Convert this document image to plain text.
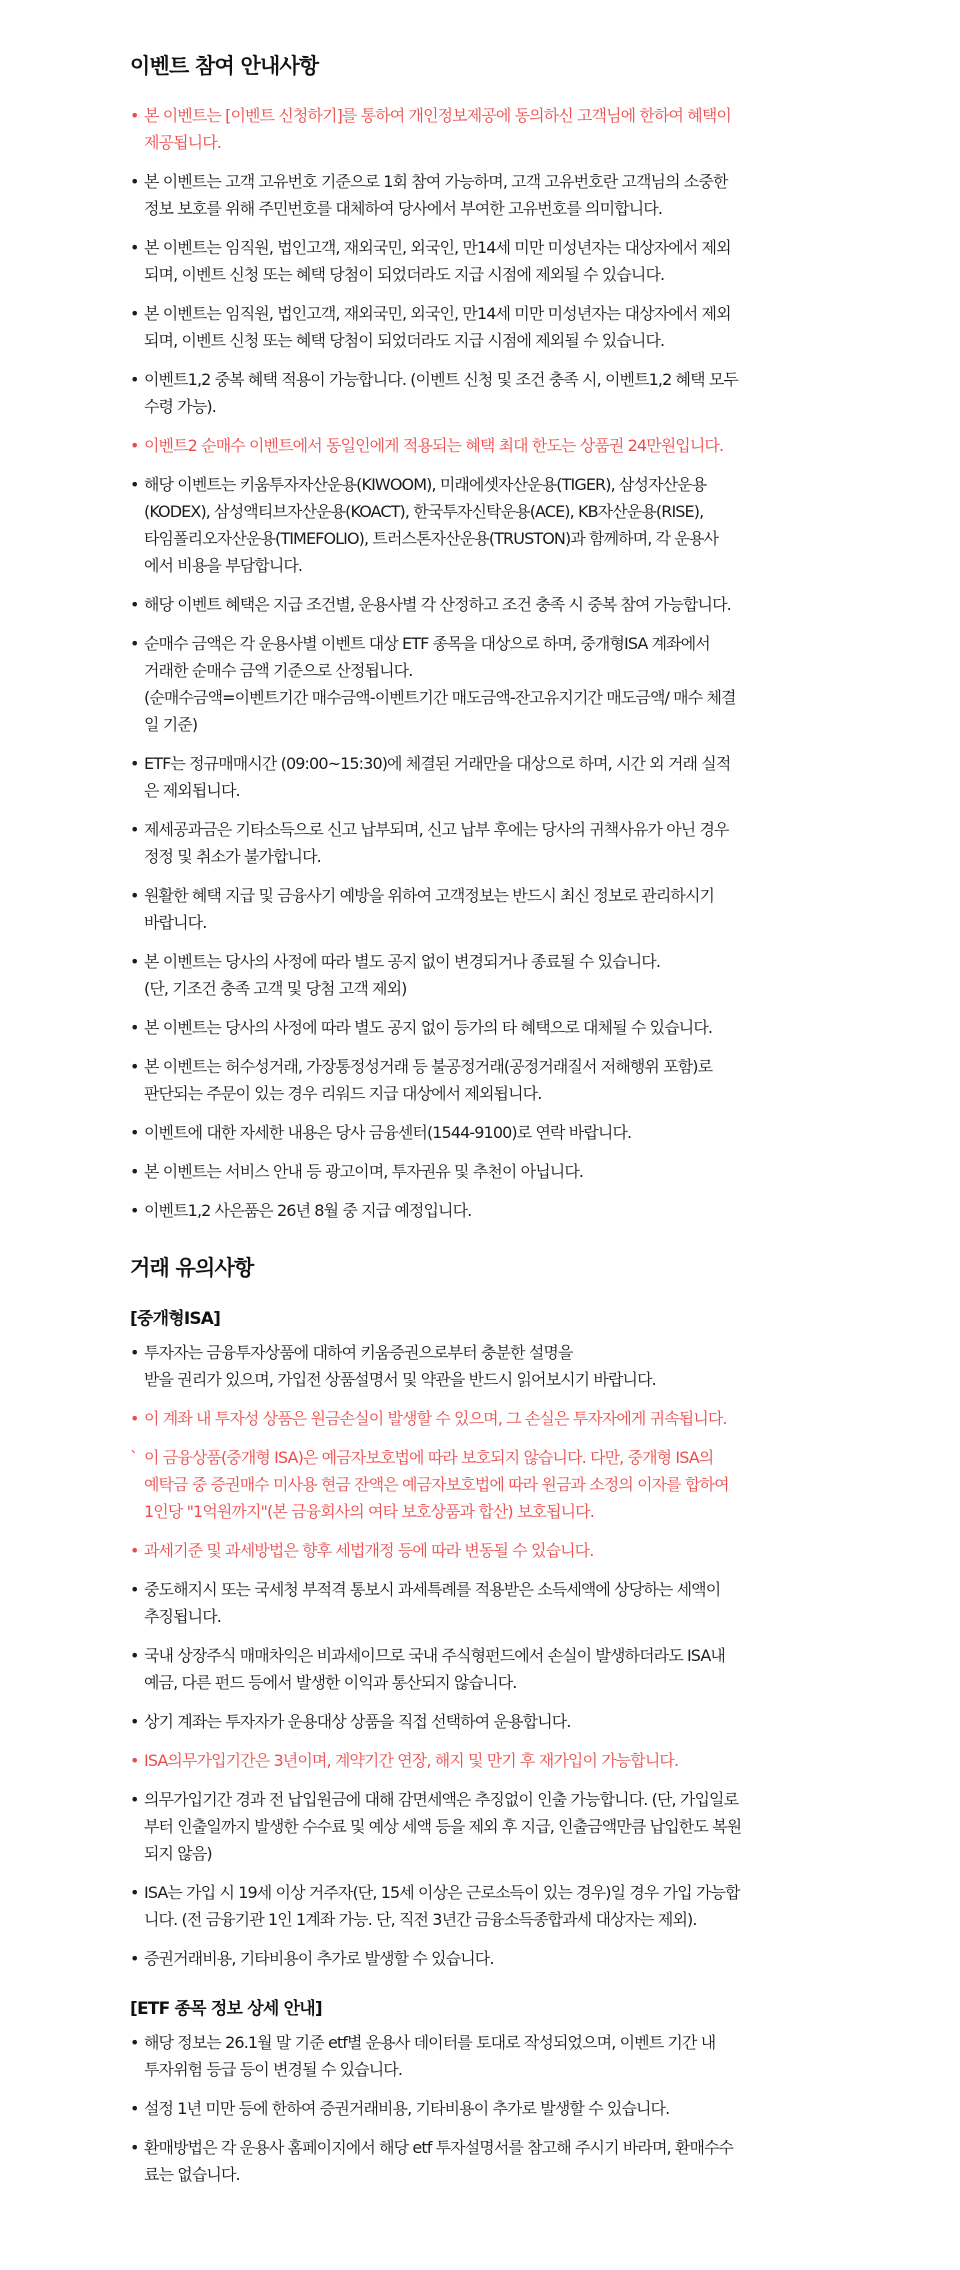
이벤트 참여 안내사항
• 본 이벤트는 [이벤트 신청하기]를 통하여 개인정보제공에 동의하신 고객님에 한하여 혜택이
제공됩니다.
• 본 이벤트는 고객 고유번호 기준으로 1회 참여 가능하며, 고객 고유번호란 고객님의 소중한
정보 보호를 위해 주민번호를 대체하여 당사에서 부여한 고유번호를 의미합니다.
• 본 이벤트는 임직원, 법인고객, 재외국민, 외국인, 만14세 미만 미성년자는 대상자에서 제외
되며, 이벤트 신청 또는 혜택 당첨이 되었더라도 지급 시점에 제외될 수 있습니다.
• 본 이벤트는 임직원, 법인고객, 재외국민, 외국인, 만14세 미만 미성년자는 대상자에서 제외
되며, 이벤트 신청 또는 혜택 당첨이 되었더라도 지급 시점에 제외될 수 있습니다.
• 이벤트1,2 중복 혜택 적용이 가능합니다. (이벤트 신청 및 조건 충족 시, 이벤트1,2 혜택 모두
수령 가능).
• 이벤트2 순매수 이벤트에서 동일인에게 적용되는 혜택 최대 한도는 상품권 24만원입니다.
• 해당 이벤트는 키움투자자산운용(KIWOOM), 미래에셋자산운용(TIGER), 삼성자산운용
(KODEX), 삼성액티브자산운용(KOACT), 한국투자신탁운용(ACE), KB자산운용(RISE),
타임폴리오자산운용(TIMEFOLIO), 트러스톤자산운용(TRUSTON)과 함께하며, 각 운용사
에서 비용을 부담합니다.
• 해당 이벤트 혜택은 지급 조건별, 운용사별 각 산정하고 조건 충족 시 중복 참여 가능합니다.
• 순매수 금액은 각 운용사별 이벤트 대상 ETF 종목을 대상으로 하며, 중개형ISA 계좌에서
거래한 순매수 금액 기준으로 산정됩니다.
(순매수금액=이벤트기간 매수금액-이벤트기간 매도금액-잔고유지기간 매도금액/ 매수 체결
일 기준)
• ETF는 정규매매시간 (09:00~15:30)에 체결된 거래만을 대상으로 하며, 시간 외 거래 실적
은 제외됩니다.
• 제세공과금은 기타소득으로 신고 납부되며, 신고 납부 후에는 당사의 귀책사유가 아닌 경우
정정 및 취소가 불가합니다.
• 원활한 혜택 지급 및 금융사기 예방을 위하여 고객정보는 반드시 최신 정보로 관리하시기
바랍니다.
• 본 이벤트는 당사의 사정에 따라 별도 공지 없이 변경되거나 종료될 수 있습니다.
(단, 기조건 충족 고객 및 당첨 고객 제외)
• 본 이벤트는 당사의 사정에 따라 별도 공지 없이 등가의 타 혜택으로 대체될 수 있습니다.
• 본 이벤트는 허수성거래, 가장통정성거래 등 불공정거래(공정거래질서 저해행위 포함)로
판단되는 주문이 있는 경우 리워드 지급 대상에서 제외됩니다.
• 이벤트에 대한 자세한 내용은 당사 금융센터(1544-9100)로 연락 바랍니다.
• 본 이벤트는 서비스 안내 등 광고이며, 투자권유 및 추천이 아닙니다.
• 이벤트1,2 사은품은 26년 8월 중 지급 예정입니다.
거래 유의사항
[중개형ISA]
• 투자자는 금융투자상품에 대하여 키움증권으로부터 충분한 설명을
받을 권리가 있으며, 가입전 상품설명서 및 약관을 반드시 읽어보시기 바랍니다.
• 이 계좌 내 투자성 상품은 원금손실이 발생할 수 있으며, 그 손실은 투자자에게 귀속됩니다.
` 이 금융상품(중개형 ISA)은 예금자보호법에 따라 보호되지 않습니다. 다만, 중개형 ISA의
예탁금 중 증권매수 미사용 현금 잔액은 예금자보호법에 따라 원금과 소정의 이자를 합하여
1인당 "1억원까지"(본 금융회사의 여타 보호상품과 합산) 보호됩니다.
• 과세기준 및 과세방법은 향후 세법개정 등에 따라 변동될 수 있습니다.
• 중도해지시 또는 국세청 부적격 통보시 과세특례를 적용받은 소득세액에 상당하는 세액이
추징됩니다.
• 국내 상장주식 매매차익은 비과세이므로 국내 주식형펀드에서 손실이 발생하더라도 ISA내
예금, 다른 펀드 등에서 발생한 이익과 통산되지 않습니다.
• 상기 계좌는 투자자가 운용대상 상품을 직접 선택하여 운용합니다.
• ISA의무가입기간은 3년이며, 계약기간 연장, 해지 및 만기 후 재가입이 가능합니다.
• 의무가입기간 경과 전 납입원금에 대해 감면세액은 추징없이 인출 가능합니다. (단, 가입일로
부터 인출일까지 발생한 수수료 및 예상 세액 등을 제외 후 지급, 인출금액만큼 납입한도 복원
되지 않음)
• ISA는 가입 시 19세 이상 거주자(단, 15세 이상은 근로소득이 있는 경우)일 경우 가입 가능합
니다. (전 금융기관 1인 1계좌 가능. 단, 직전 3년간 금융소득종합과세 대상자는 제외).
• 증권거래비용, 기타비용이 추가로 발생할 수 있습니다.
[ETF 종목 정보 상세 안내]
• 해당 정보는 26.1월 말 기준 etf별 운용사 데이터를 토대로 작성되었으며, 이벤트 기간 내
투자위험 등급 등이 변경될 수 있습니다.
• 설정 1년 미만 등에 한하여 증권거래비용, 기타비용이 추가로 발생할 수 있습니다.
• 환매방법은 각 운용사 홈페이지에서 해당 etf 투자설명서를 참고해 주시기 바라며, 환매수수
료는 없습니다.
